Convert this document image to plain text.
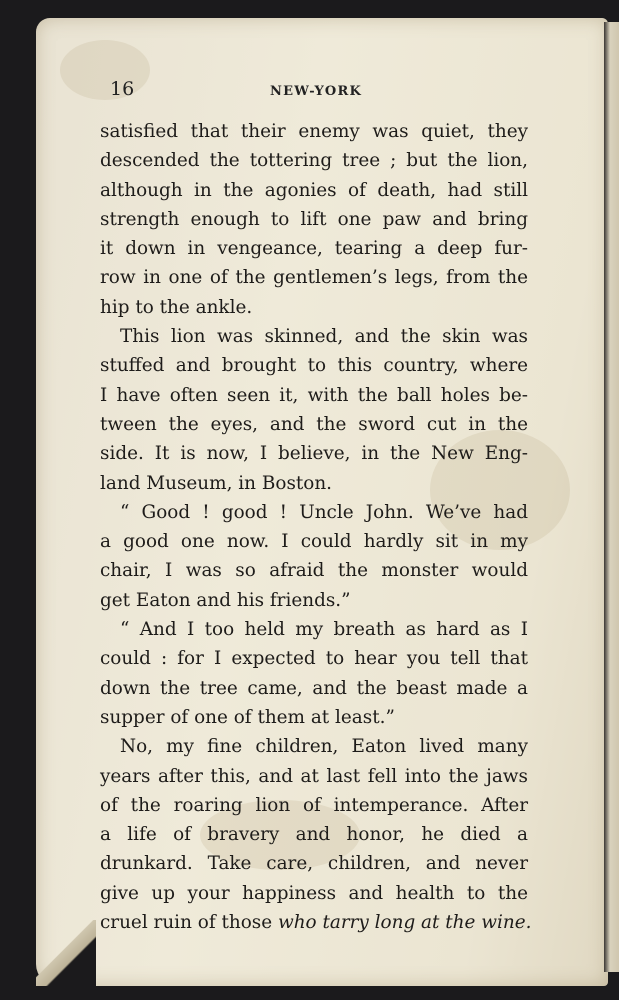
16	NEW-YORK
satisfied that their enemy was quiet, they
descended the tottering tree ; but the lion,
although in the agonies of death, had still
strength enough to lift one paw and bring
it down in vengeance, tearing a deep fur-
row in one of the gentlemen’s legs, from the
hip to the ankle.
This lion was skinned, and the skin was
stuffed and brought to this country, where
I have often seen it, with the ball holes be-
tween the eyes, and the sword cut in the
side. It is now, I believe, in the New Eng-
land Museum, in Boston.
“ Good ! good ! Uncle John. We’ve had
a good one now. I could hardly sit in my
chair, I was so afraid the monster would
get Eaton and his friends.”
“ And I too held my breath as hard as I
could : for I expected to hear you tell that
down the tree came, and the beast made a
supper of one of them at least.”
No, my fine children, Eaton lived many
years after this, and at last fell into the jaws
of the roaring lion of intemperance. After
a life of bravery and honor, he died a
drunkard. Take care, children, and never
give up your happiness and health to the
cruel ruin of those who tarry long at the wine.
